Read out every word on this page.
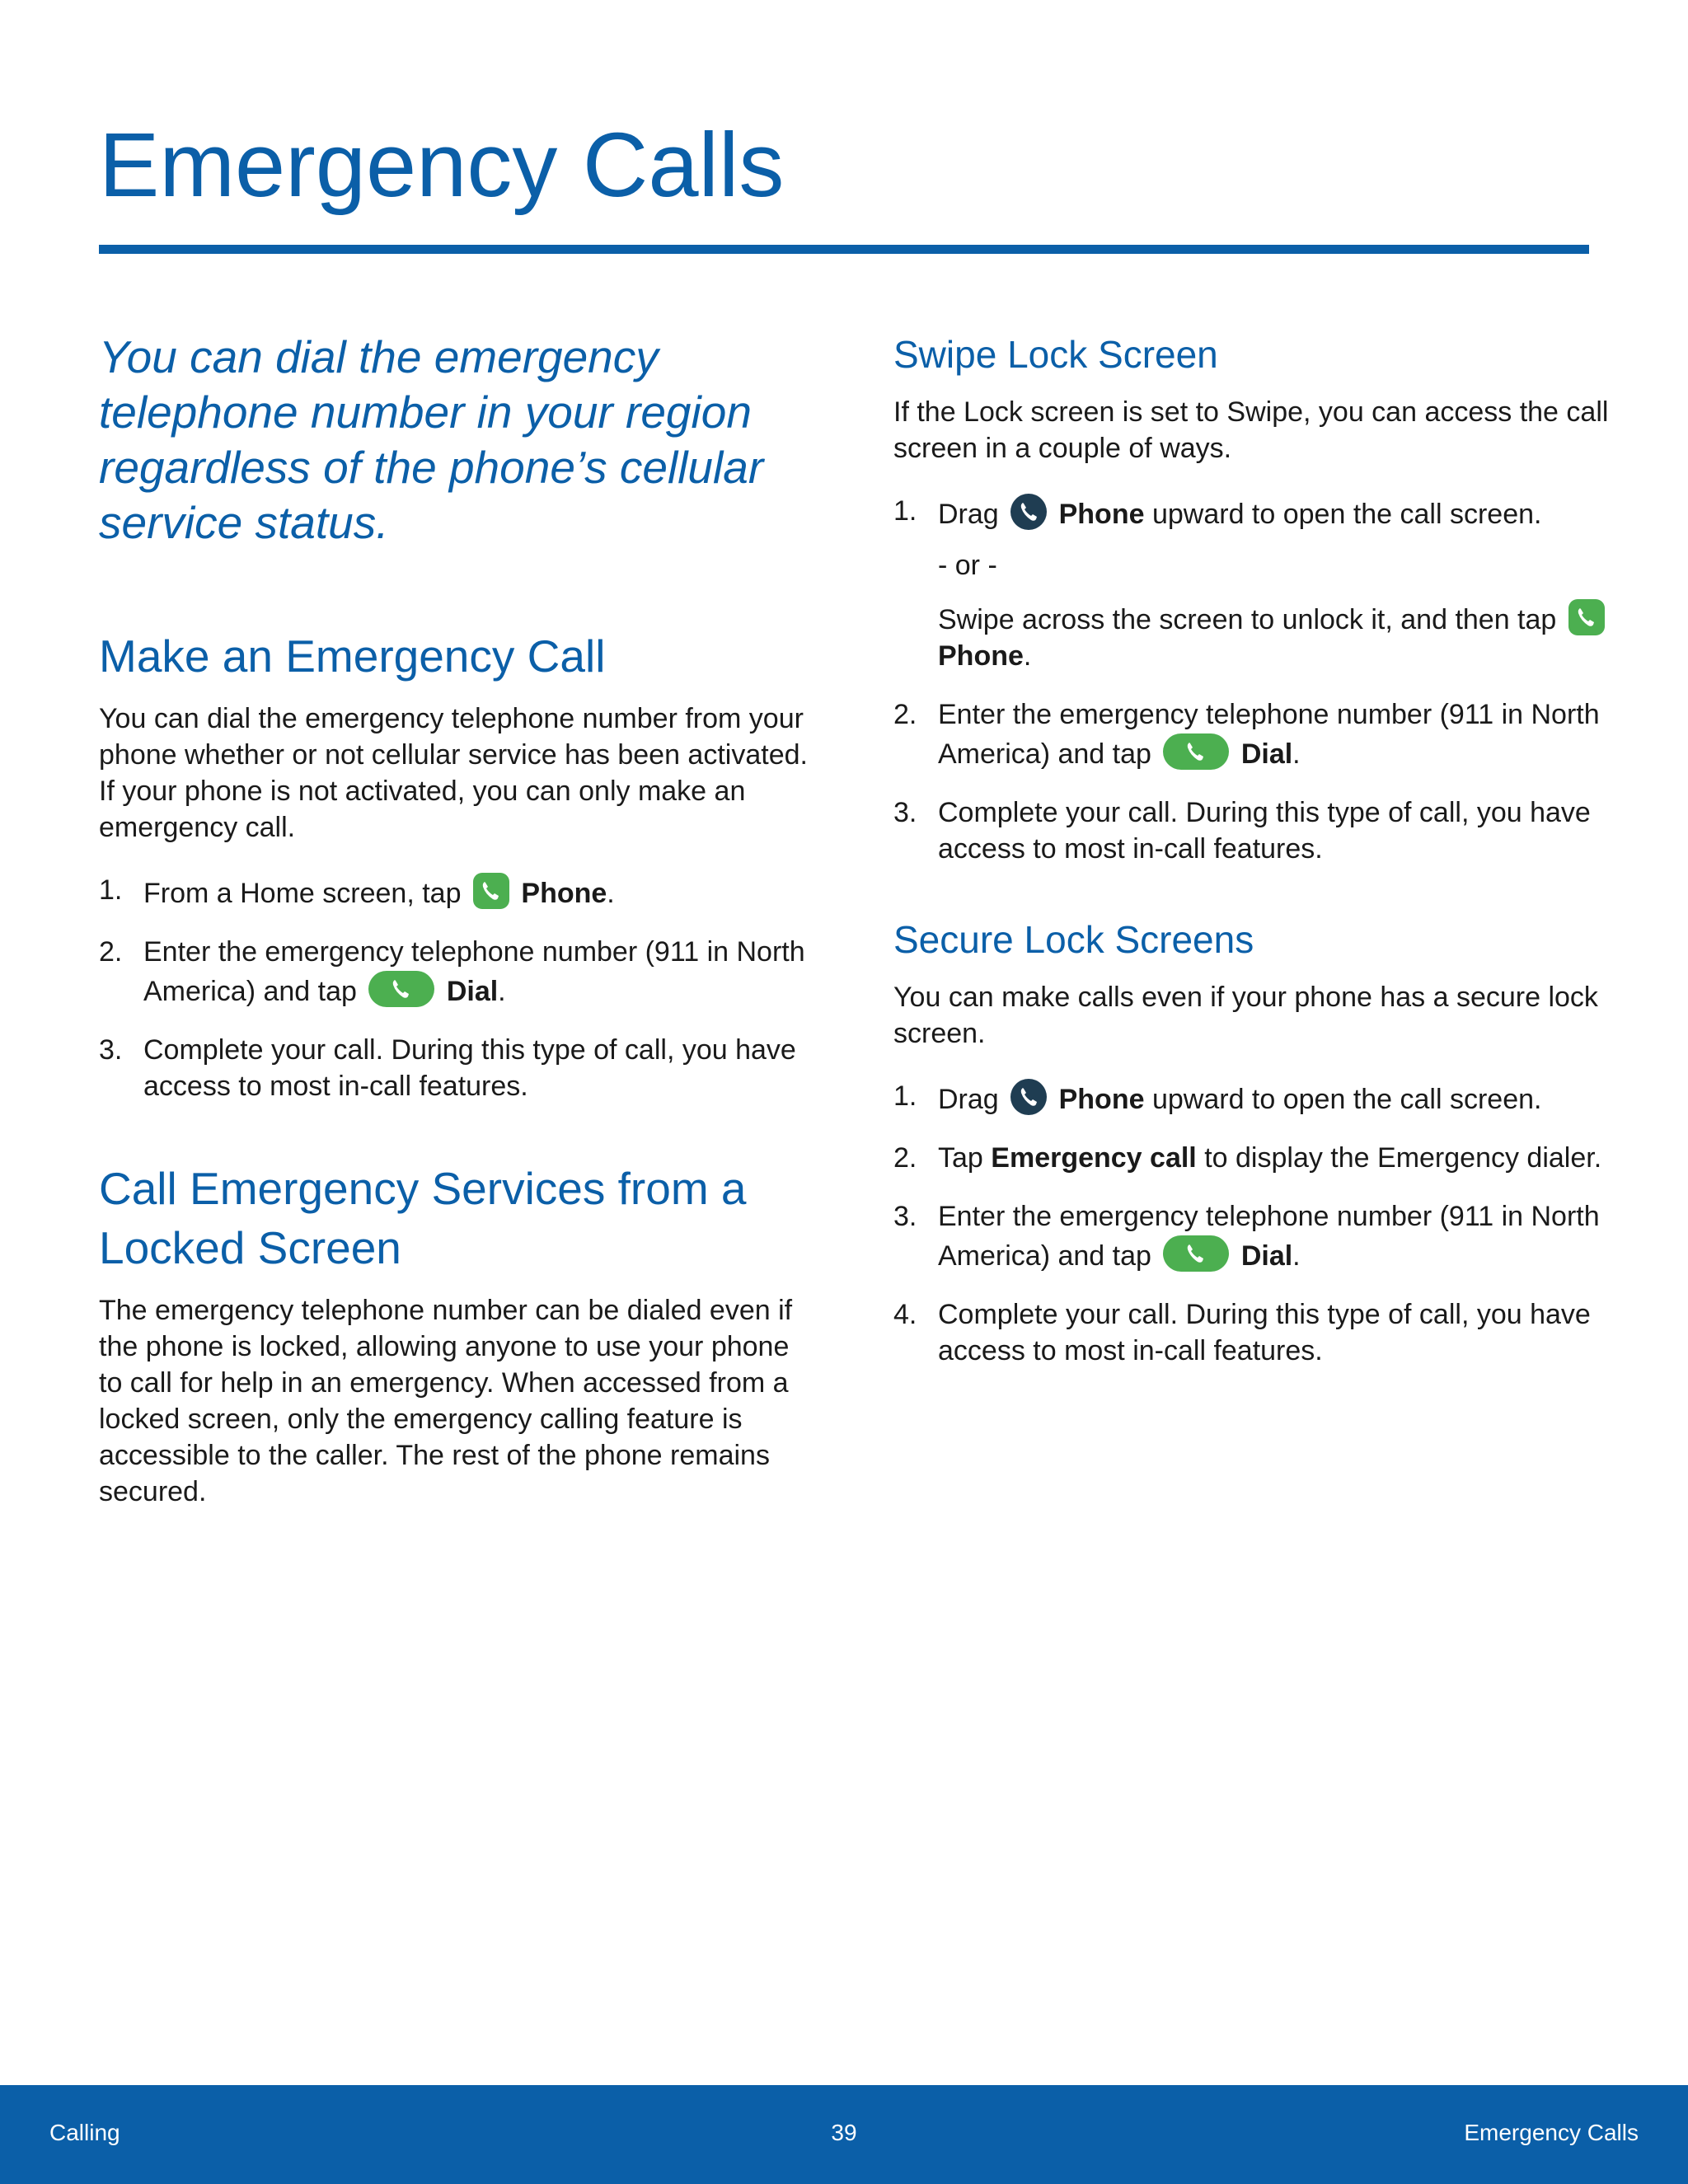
Emergency Calls

You can dial the emergency telephone number in your region regardless of the phone’s cellular service status.

Make an Emergency Call

You can dial the emergency telephone number from your phone whether or not cellular service has been activated. If your phone is not activated, you can only make an emergency call.

1. From a Home screen, tap Phone.
2. Enter the emergency telephone number (911 in North America) and tap	Dial.
3. Complete your call. During this type of call, you have access to most in-call features.
Call Emergency Services from a Locked Screen

The emergency telephone number can be dialed even if the phone is locked, allowing anyone to use your phone to call for help in an emergency. When accessed from a locked screen, only the emergency calling feature is accessible to the caller. The rest of the phone remains secured.

Swipe Lock Screen

If the Lock screen is set to Swipe, you can access the call screen in a couple of ways.

1. Drag Phone upward to open the call screen.
- or -
Swipe across the screen to unlock it, and then tap  Phone.
2. Enter the emergency telephone number (911 in North America) and tap	Dial.
3. Complete your call. During this type of call, you have access to most in-call features.
Secure Lock Screens

You can make calls even if your phone has a secure lock screen.

1. Drag Phone upward to open the call screen.
2. Tap Emergency call to display the Emergency dialer.
3. Enter the emergency telephone number (911 in North America) and tap	Dial.
4. Complete your call. During this type of call, you have access to most in-call features.
39
Calling	Emergency Calls
